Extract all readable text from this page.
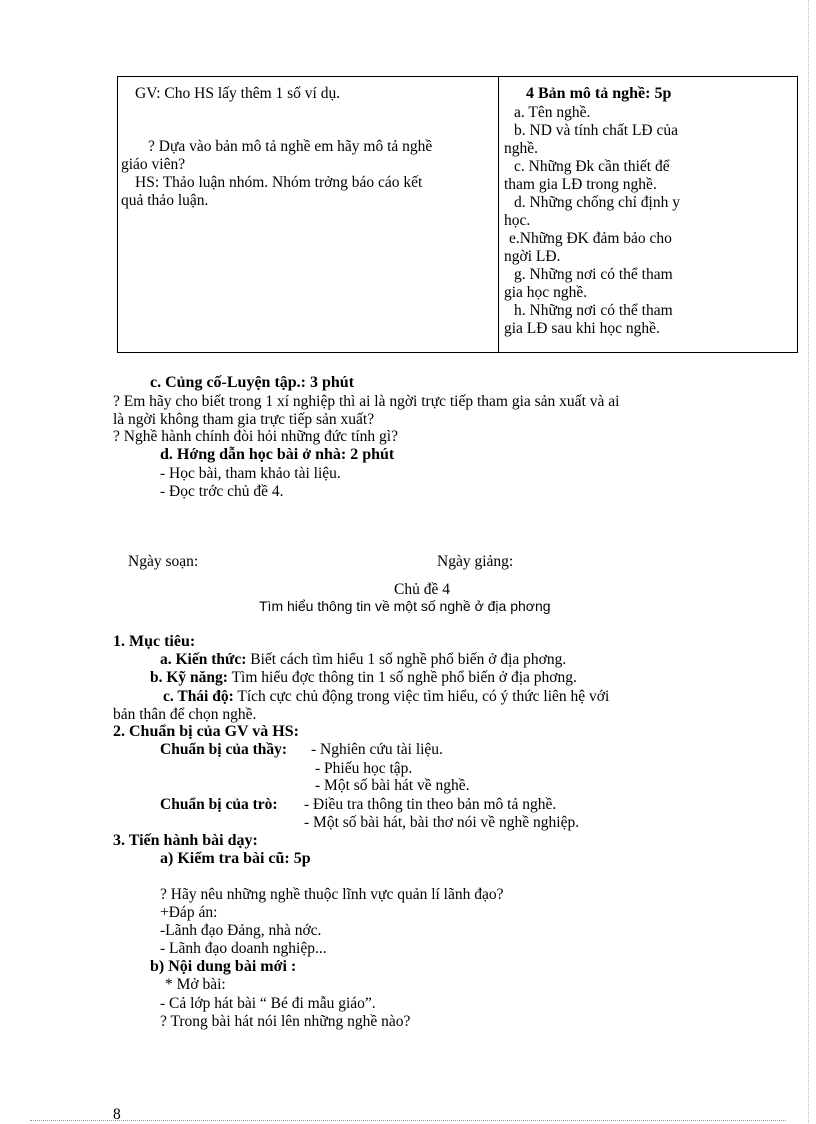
GV: Cho HS lấy thêm 1 số ví dụ.
? Dựa vào bản mô tả nghề em hãy mô tả nghề
giáo viên?
HS: Thảo luận nhóm. Nhóm trởng báo cáo kết
quả thảo luận.

4 Bản mô tả nghề: 5p
a. Tên nghề.
b. ND và tính chất LĐ của
nghề.
c. Những Đk cần thiết để
tham gia LĐ trong nghề.
d. Những chống chỉ định y
học.
e.Những ĐK đảm bảo cho
ngời LĐ.
g. Những nơi có thể tham
gia học nghề.
h. Những nơi có thể tham
gia LĐ sau khi học nghề.
c. Củng cố-Luyện tập.: 3 phút
? Em hãy cho biết trong 1 xí nghiệp thì ai là ngời trực tiếp tham gia sản xuất và ai
là ngời không tham gia trực tiếp sản xuất?
? Nghề hành chính đòi hỏi những đức tính gì?
d. Hớng dẫn học bài ở nhà: 2 phút
- Học bài, tham khảo tài liệu.
- Đọc trớc chủ đề 4.
Ngày soạn:	Ngày giảng:
Chủ đề 4
Tìm hiểu thông tin về một số nghề ở địa phơng
1. Mục tiêu:
a. Kiến thức: Biết cách tìm hiểu 1 số nghề phổ biến ở địa phơng.
b. Kỹ năng: Tìm hiểu đợc thông tin 1 số nghề phổ biến ở địa phơng.
c. Thái độ: Tích cực chủ động trong việc tìm hiểu, có ý thức liên hệ với
bản thân để chọn nghề.
2. Chuẩn bị của GV và HS:
Chuẩn bị của thầy: - Nghiên cứu tài liệu.
- Phiếu học tập.
- Một số bài hát về nghề.
Chuẩn bị của trò: - Điều tra thông tin theo bản mô tả nghề.
- Một số bài hát, bài thơ nói về nghề nghiệp.
3. Tiến hành bài dạy:
a) Kiểm tra bài cũ: 5p
? Hãy nêu những nghề thuộc lĩnh vực quản lí lãnh đạo?
+Đáp án:
-Lãnh đạo Đảng, nhà nớc.
- Lãnh đạo doanh nghiệp...
b) Nội dung bài mới :
* Mở bài:
- Cả lớp hát bài “ Bé đi mẫu giáo”.
? Trong bài hát nói lên những nghề nào?
8
